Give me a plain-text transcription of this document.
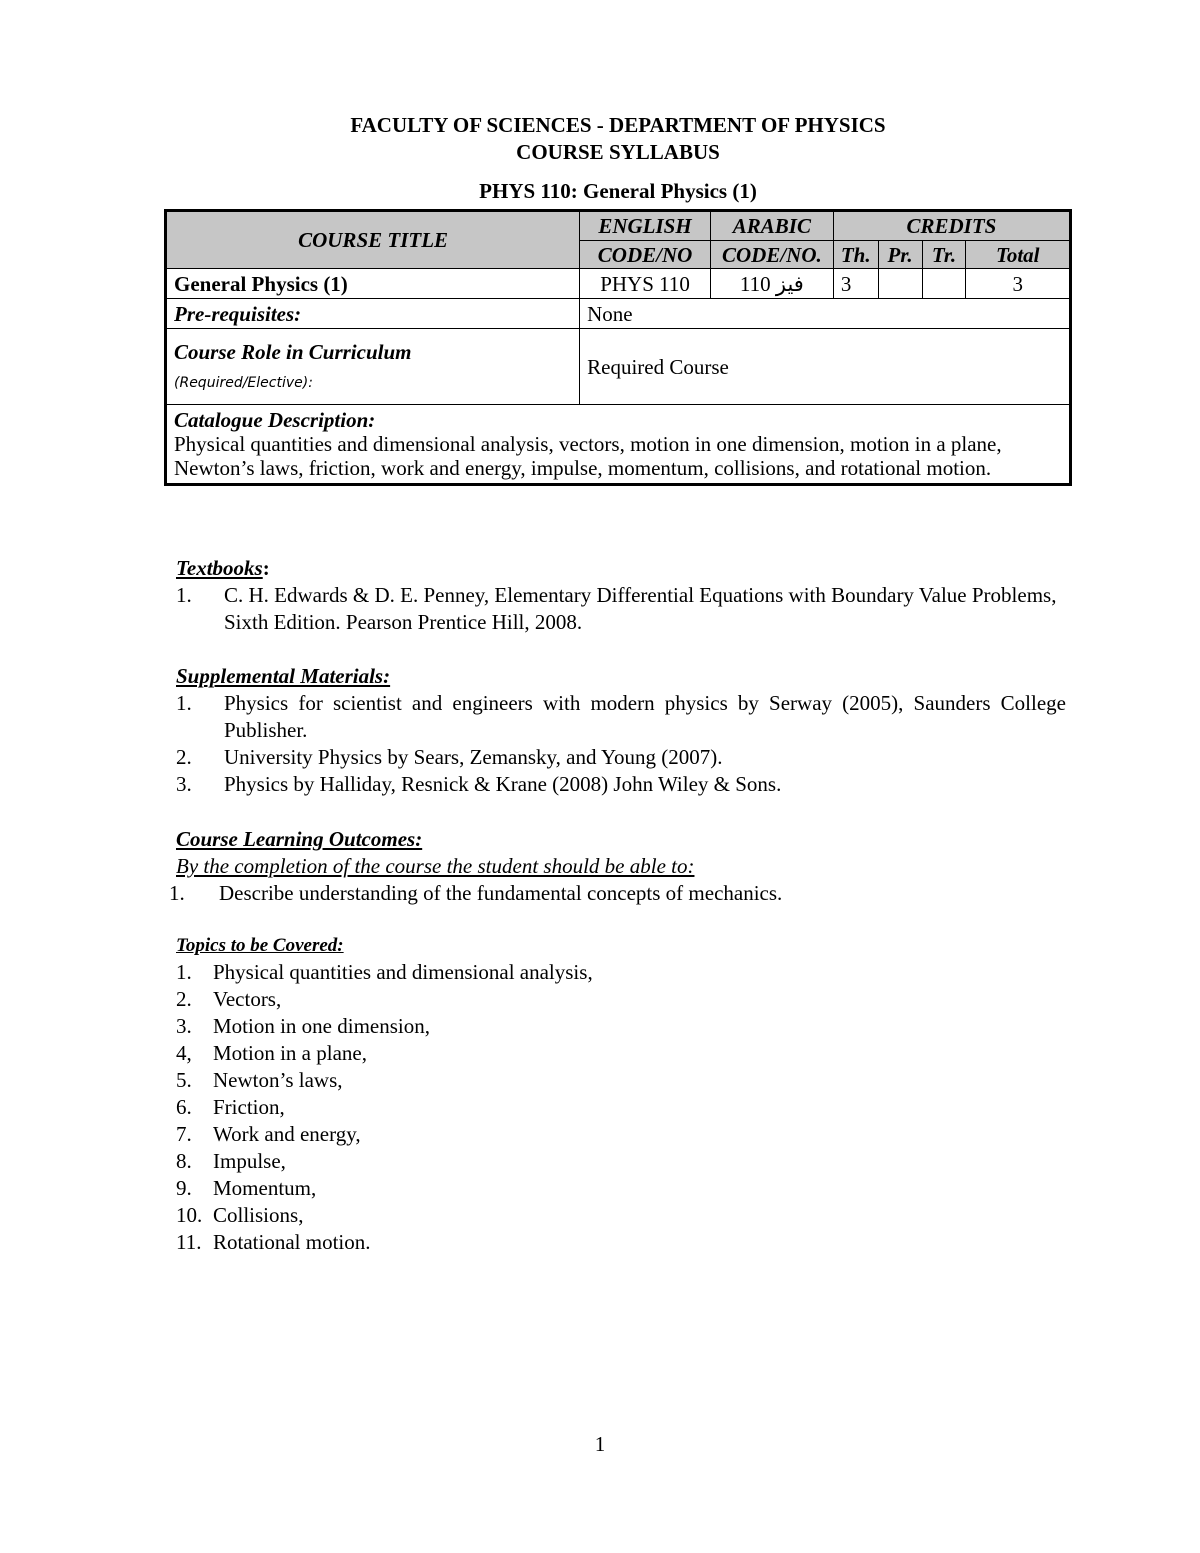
FACULTY OF SCIENCES - DEPARTMENT OF PHYSICS
COURSE SYLLABUS
PHYS 110: General Physics (1)
COURSE TITLE	ENGLISH	ARABIC	CREDITS			
	CODE/NO	CODE/NO.	Th.	Pr.	Tr.	Total
General Physics (1)	PHYS 110	110 فيز	3			3
Pre-requisites:	None					

Course Role in Curriculum
(Required/Elective):	Required Course					

Catalogue Description:
Physical quantities and dimensional analysis, vectors, motion in one dimension, motion in a plane, Newton’s laws, friction, work and energy, impulse, momentum, collisions, and rotational motion.						
Textbooks:
1.	C. H. Edwards & D. E. Penney, Elementary Differential Equations with Boundary Value Problems, Sixth Edition. Pearson Prentice Hill, 2008.
Supplemental Materials:
1.	Physics for scientist and engineers with modern physics by Serway (2005), Saunders College Publisher.
2.	University Physics by Sears, Zemansky, and Young (2007).
3.	Physics by Halliday, Resnick & Krane (2008) John Wiley & Sons.
Course Learning Outcomes:
By the completion of the course the student should be able to:
1.	Describe understanding of the fundamental concepts of mechanics.
Topics to be Covered:
1.	Physical quantities and dimensional analysis,
2.	Vectors,
3.	Motion in one dimension,
4,	Motion in a plane,
5.	Newton’s laws,
6.	Friction,
7.	Work and energy,
8.	Impulse,
9.	Momentum,
10. Collisions,
11. Rotational motion.
1
